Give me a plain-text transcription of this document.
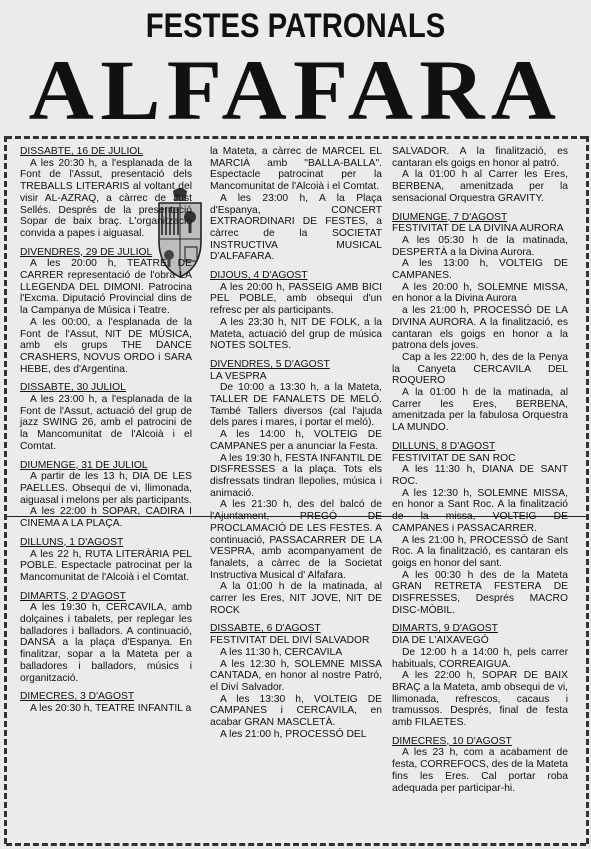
FESTES PATRONALS
ALFAFARA
DISSABTE, 16 DE JULIOL

A les 20:30 h, a l'esplanada de la Font de l'Assut, presentació dels TREBALLS LITERARIS al voltant del visir AL-AZRAQ, a càrrec de Just Sellés. Després de la presentació Sopar de baix braç. L'organització convida a papes i aiguasal.

DIVENDRES, 29 DE JULIOL

A les 20:00 h, TEATRE DE CARRER representació de l'obra LA LLEGENDA DEL DIMONI. Patrocina l'Excma. Diputació Provincial dins de la Campanya de Música i Teatre.

A les 00:00, a l'esplanada de la Font de l'Assut, NIT DE MÚSICA, amb els grups THE DANCE CRASHERS, NOVUS ORDO i SARA HEBE, des d'Argentina.

DISSABTE, 30 JULIOL

A les 23:00 h, a l'esplanada de la Font de l'Assut, actuació del grup de jazz SWING 26, amb el patrocini de la Mancomunitat de l'Alcoià i el Comtat.

DIUMENGE, 31 DE JULIOL

A partir de les 13 h, DIA DE LES PAELLES. Obsequi de vi, llimonada, aiguasal i melons per als participants.

A les 22:00 h SOPAR, CADIRA I CINEMA A LA PLAÇA.

DILLUNS, 1 D'AGOST

A les 22 h, RUTA LITERÀRIA PEL POBLE. Espectacle patrocinat per la Mancomunitat de l'Alcoià i el Comtat.

DIMARTS, 2 D'AGOST

A les 19:30 h, CERCAVILA, amb dolçaines i tabalets, per replegar les balladores i balladors. A continuació, DANSÀ a la plaça d'Espanya. En finalitzar, sopar a la Mateta per a balladores i balladors, músics i organització.

DIMECRES, 3 D'AGOST

A les 20:30 h, TEATRE INFANTIL a

la Mateta, a càrrec de MARCEL EL MARCIÀ amb "BALLA-BALLA". Espectacle patrocinat per la Mancomunitat de l'Alcoià i el Comtat.

A les 23:00 h, A la Plaça d'Espanya, CONCERT EXTRAORDINARI DE FESTES, a càrrec de la SOCIETAT INSTRUCTIVA MUSICAL D'ALFAFARA.

DIJOUS, 4 D'AGOST

A les 20:00 h, PASSEIG AMB BICI PEL POBLE, amb obsequi d'un refresc per als participants.

A les 23:30 h, NIT DE FOLK, a la Mateta, actuació del grup de música NOTES SOLTES.

DIVENDRES, 5 D'AGOST

LA VESPRA

De 10:00 a 13:30 h, a la Mateta, TALLER DE FANALETS DE MELÓ. També Tallers diversos (cal l'ajuda dels pares i mares, i portar el meló).

A les 14:00 h, VOLTEIG DE CAMPANES per a anunciar la Festa.

A les 19:30 h, FESTA INFANTIL DE DISFRESSES a la plaça. Tots els disfressats tindran llepolies, música i animació.

A les 21:30 h, des del balcó de l'Ajuntament, PREGÓ DE PROCLAMACIÓ DE LES FESTES. A continuació, PASSACARRER DE LA VESPRA, amb acompanyament de fanalets, a càrrec de la Societat Instructiva Musical d' Alfafara.

A la 01:00 h de la matinada, al carrer les Eres, NIT JOVE, NIT DE ROCK

DISSABTE, 6 D'AGOST

FESTIVITAT DEL DIVÍ SALVADOR

A les 11:30 h, CERCAVILA

A les 12:30 h, SOLEMNE MISSA CANTADA, en honor al nostre Patró, el Diví Salvador.

A les 13:30 h, VOLTEIG DE CAMPANES i CERCAVILA, en acabar GRAN MASCLETÀ.

A les 21:00 h, PROCESSÓ DEL

SALVADOR. A la finalització, es cantaran els goigs en honor al patró.

A la 01:00 h al Carrer les Eres, BERBENA, amenitzada per la sensacional Orquestra GRAVITY.

DIUMENGE, 7 D'AGOST

FESTIVITAT DE LA DIVINA AURORA

A les 05:30 h de la matinada, DESPERTÀ a la Divina Aurora.

A les 13:00 h, VOLTEIG DE CAMPANES.

A les 20:00 h, SOLEMNE MISSA, en honor a la Divina Aurora

a les 21:00 h, PROCESSÓ DE LA DIVINA AURORA. A la finalització, es cantaran els goigs en honor a la patrona dels joves.

Cap a les 22:00 h, des de la Penya la Canyeta CERCAVILA DEL ROQUERO

A la 01:00 h de la matinada, al Carrer les Eres, BERBENA, amenitzada per la fabulosa Orquestra LA MUNDO.

DILLUNS, 8 D'AGOST

FESTIVITAT DE SAN ROC

A les 11:30 h, DIANA DE SANT ROC.

A les 12:30 h, SOLEMNE MISSA, en honor a Sant Roc. A la finalització de la missa, VOLTEIG DE CAMPANES i PASSACARRER.

A les 21:00 h, PROCESSÓ de Sant Roc. A la finalització, es cantaran els goigs en honor del sant.

A les 00:30 h des de la Mateta GRAN RETRETA FESTERA DE DISFRESSES, Després MACRO DISC-MÒBIL.

DIMARTS, 9 D'AGOST

DIA DE L'AIXAVEGÓ

De 12:00 h a 14:00 h, pels carrer habituals, CORREAIGUA.

A les 22:00 h, SOPAR DE BAIX BRAÇ a la Mateta, amb obsequi de vi, llimonada, refrescos, cacaus i tramussos. Després, final de festa amb FILAETES.

DIMECRES, 10 D'AGOST

A les 23 h, com a acabament de festa, CORREFOCS, des de la Mateta fins les Eres. Cal portar roba adequada per participar-hi.
